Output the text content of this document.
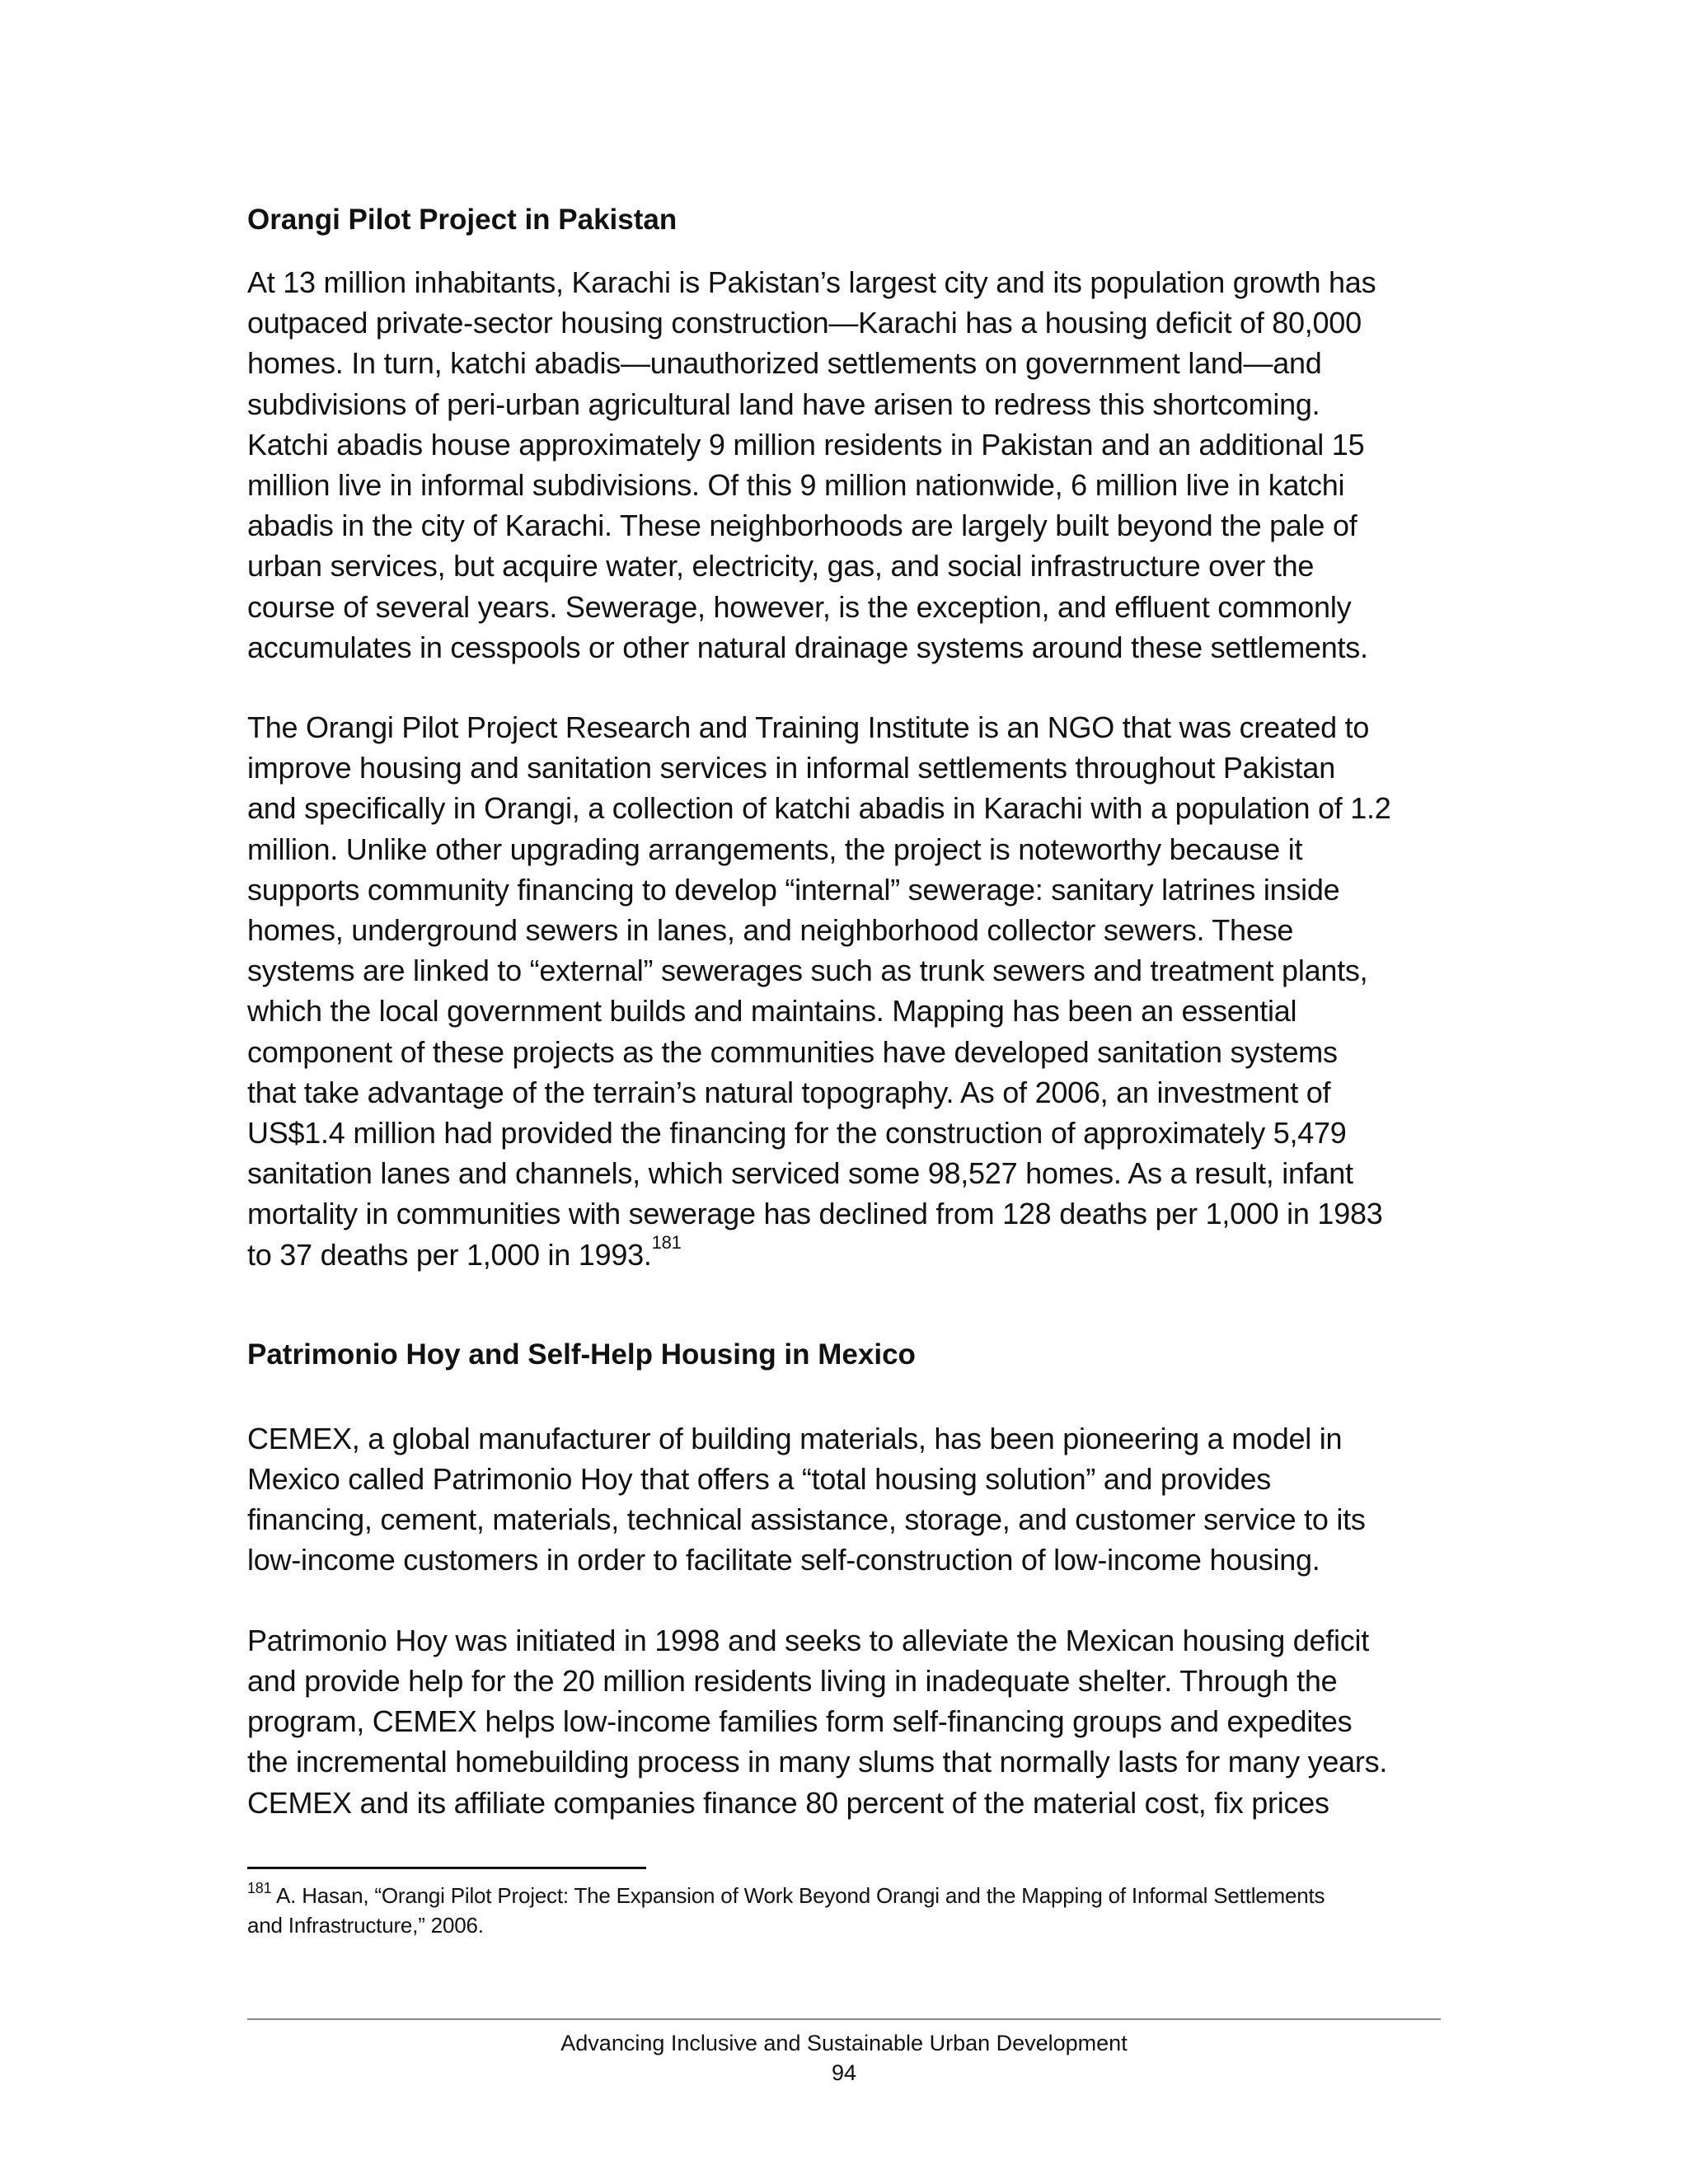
Orangi Pilot Project in Pakistan

At 13 million inhabitants, Karachi is Pakistan’s largest city and its population growth has
outpaced private-sector housing construction—Karachi has a housing deficit of 80,000
homes. In turn, katchi abadis—unauthorized settlements on government land—and
subdivisions of peri-urban agricultural land have arisen to redress this shortcoming.
Katchi abadis house approximately 9 million residents in Pakistan and an additional 15
million live in informal subdivisions. Of this 9 million nationwide, 6 million live in katchi
abadis in the city of Karachi. These neighborhoods are largely built beyond the pale of
urban services, but acquire water, electricity, gas, and social infrastructure over the
course of several years. Sewerage, however, is the exception, and effluent commonly
accumulates in cesspools or other natural drainage systems around these settlements.

The Orangi Pilot Project Research and Training Institute is an NGO that was created to
improve housing and sanitation services in informal settlements throughout Pakistan
and specifically in Orangi, a collection of katchi abadis in Karachi with a population of 1.2
million. Unlike other upgrading arrangements, the project is noteworthy because it
supports community financing to develop “internal” sewerage: sanitary latrines inside
homes, underground sewers in lanes, and neighborhood collector sewers. These
systems are linked to “external” sewerages such as trunk sewers and treatment plants,
which the local government builds and maintains. Mapping has been an essential
component of these projects as the communities have developed sanitation systems
that take advantage of the terrain’s natural topography. As of 2006, an investment of
US$1.4 million had provided the financing for the construction of approximately 5,479
sanitation lanes and channels, which serviced some 98,527 homes. As a result, infant
mortality in communities with sewerage has declined from 128 deaths per 1,000 in 1983
to 37 deaths per 1,000 in 1993.$^{181}$

Patrimonio Hoy and Self-Help Housing in Mexico

CEMEX, a global manufacturer of building materials, has been pioneering a model in
Mexico called Patrimonio Hoy that offers a “total housing solution” and provides
financing, cement, materials, technical assistance, storage, and customer service to its
low-income customers in order to facilitate self-construction of low-income housing.

Patrimonio Hoy was initiated in 1998 and seeks to alleviate the Mexican housing deficit
and provide help for the 20 million residents living in inadequate shelter. Through the
program, CEMEX helps low-income families form self-financing groups and expedites
the incremental homebuilding process in many slums that normally lasts for many years.
CEMEX and its affiliate companies finance 80 percent of the material cost, fix prices

$^{181}$ A. Hasan, “Orangi Pilot Project: The Expansion of Work Beyond Orangi and the Mapping of Informal Settlements
and Infrastructure,” 2006.
Advancing Inclusive and Sustainable Urban Development
94
